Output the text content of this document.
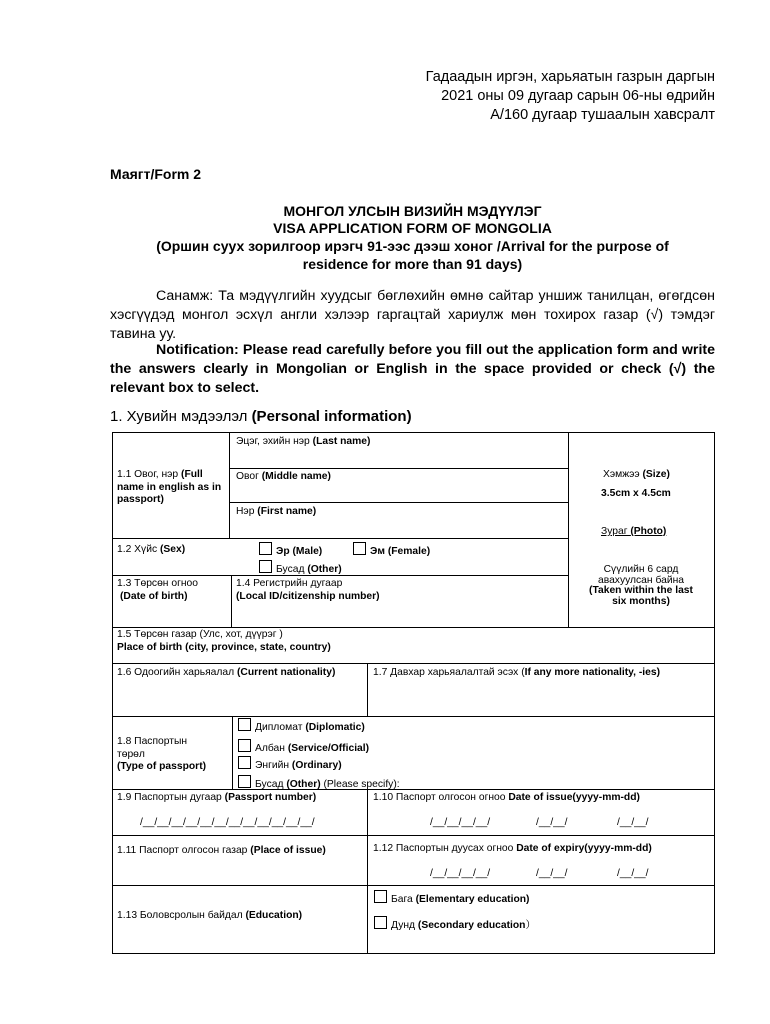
Гадаадын иргэн, харьяатын газрын даргын
2021 оны 09 дугаар сарын 06-ны өдрийн
А/160 дугаар тушаалын хавсралт
Маягт/Form 2
МОНГОЛ УЛСЫН ВИЗИЙН МЭДҮҮЛЭГ
VISA APPLICATION FORM OF MONGOLIA
(Оршин суух зорилгоор ирэгч 91-ээс дээш хоног /Arrival for the purpose of
residence for more than 91 days)
Санамж: Та мэдүүлгийн хуудсыг бөглөхийн өмнө сайтар уншиж танилцан, өгөгдсөн хэсгүүдэд монгол эсхүл англи хэлээр гаргацтай хариулж мөн тохирох газар (√) тэмдэг тавина уу.
Notification: Please read carefully before you fill out the application form and write the answers clearly in Mongolian or English in the space provided or check (√) the relevant box to select.
1. Хувийн мэдээлэл (Personal information)
Эцэг, эхийн нэр (Last name)
1.1 Овог, нэр (Full name in english as in passport)
Овог (Middle name)
Нэр (First name)
Хэмжээ (Size)
3.5cm x 4.5cm
Зураг (Photo)
Сүүлийн 6 сард авахуулсан байна
(Taken within the last six months)
1.2 Хүйс (Sex)	Эр (Male)	Эм (Female)
Бусад (Other)
1.3 Төрсөн огноо
(Date of birth)
1.4 Регистрийн дугаар
(Local ID/citizenship number)
1.5 Төрсөн газар (Улс, хот, дүүрэг )
Place of birth (city, province, state, country)
1.6 Одоогийн харьяалал (Current nationality)	1.7 Давхар харьяалалтай эсэх (If any more nationality, -ies)
1.8 Паспортын төрөл
(Type of passport)
Дипломат (Diplomatic)
Албан (Service/Official)
Энгийн (Ordinary)
Бусад (Other) (Please specify):
1.9 Паспортын дугаар (Passport number)
/__/__/__/__/__/__/__/__/__/__/__/__/
1.10 Паспорт олгосон огноо Date of issue(yyyy-mm-dd)
/__/__/__/__/	/__/__/	/__/__/
1.11 Паспорт олгосон газар (Place of issue)	1.12 Паспортын дуусах огноо Date of expiry(yyyy-mm-dd)
/__/__/__/__/	/__/__/	/__/__/
1.13 Боловсролын байдал (Education)
Бага (Elementary education)
Дунд (Secondary education）
